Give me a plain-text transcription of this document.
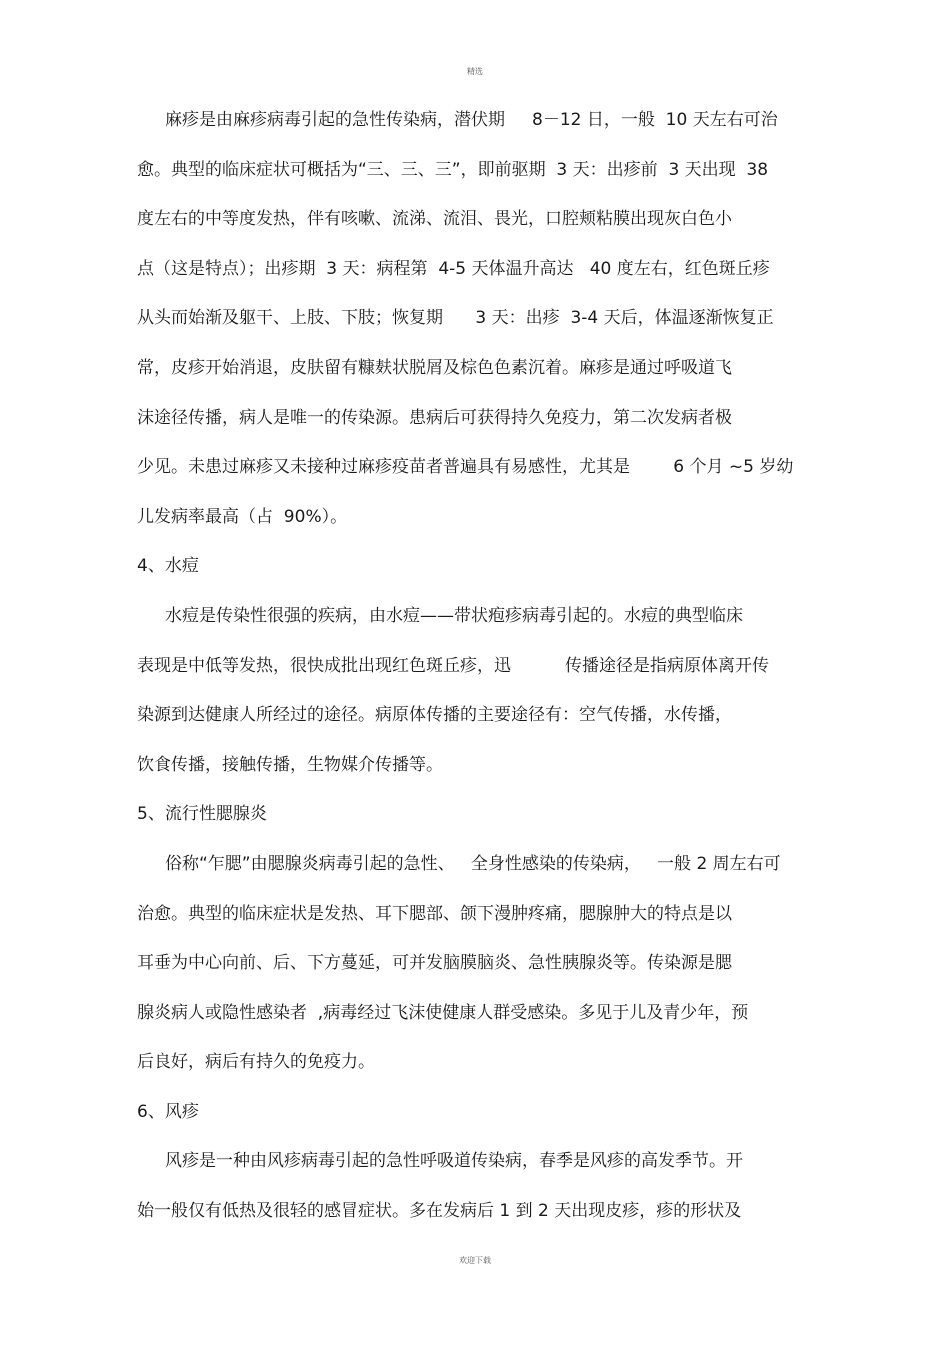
精选
麻疹是由麻疹病毒引起的急性传染病，潜伏期     8－12 日，一般  10 天左右可治
愈。典型的临床症状可概括为“三、三、三”，即前驱期  3 天：出疹前  3 天出现  38
度左右的中等度发热，伴有咳嗽、流涕、流泪、畏光，口腔颊粘膜出现灰白色小
点（这是特点）；出疹期  3 天：病程第  4-5 天体温升高达   40 度左右，红色斑丘疹
从头而始渐及躯干、上肢、下肢；恢复期      3 天：出疹  3-4 天后，体温逐渐恢复正
常，皮疹开始消退，皮肤留有糠麸状脱屑及棕色色素沉着。麻疹是通过呼吸道飞
沫途径传播，病人是唯一的传染源。患病后可获得持久免疫力，第二次发病者极
少见。未患过麻疹又未接种过麻疹疫苗者普遍具有易感性，尤其是        6 个月 ~5 岁幼
儿发病率最高（占  90%）。
4、水痘
水痘是传染性很强的疾病，由水痘——带状疱疹病毒引起的。水痘的典型临床
表现是中低等发热，很快成批出现红色斑丘疹，迅          传播途径是指病原体离开传
染源到达健康人所经过的途径。病原体传播的主要途径有：空气传播，水传播，
饮食传播，接触传播，生物媒介传播等。
5、流行性腮腺炎
俗称“乍腮”由腮腺炎病毒引起的急性、   全身性感染的传染病，   一般 2 周左右可
治愈。典型的临床症状是发热、耳下腮部、颌下漫肿疼痛，腮腺肿大的特点是以
耳垂为中心向前、后、下方蔓延，可并发脑膜脑炎、急性胰腺炎等。传染源是腮
腺炎病人或隐性感染者  ,病毒经过飞沫使健康人群受感染。多见于儿及青少年，预
后良好，病后有持久的免疫力。
6、风疹
风疹是一种由风疹病毒引起的急性呼吸道传染病，春季是风疹的高发季节。开
始一般仅有低热及很轻的感冒症状。多在发病后 1 到 2 天出现皮疹，疹的形状及
欢迎下载
